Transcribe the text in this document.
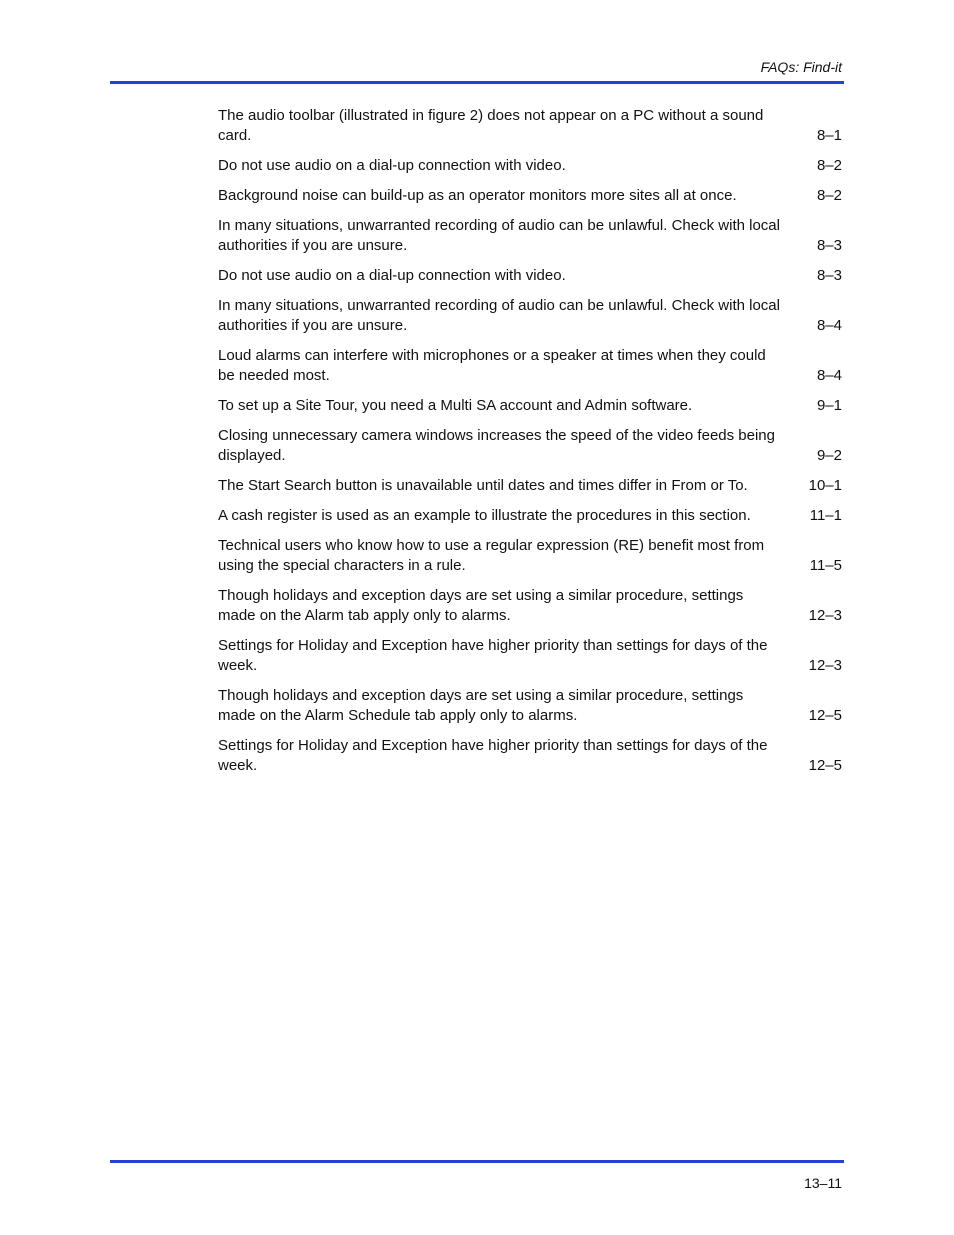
FAQs: Find-it
The audio toolbar (illustrated in figure 2) does not appear on a PC without a sound card.	8–1
Do not use audio on a dial-up connection with video.	8–2
Background noise can build-up as an operator monitors more sites all at once.	8–2
In many situations, unwarranted recording of audio can be unlawful. Check with local authorities if you are unsure.	8–3
Do not use audio on a dial-up connection with video.	8–3
In many situations, unwarranted recording of audio can be unlawful. Check with local authorities if you are unsure.	8–4
Loud alarms can interfere with microphones or a speaker at times when they could be needed most.	8–4
To set up a Site Tour, you need a Multi SA account and Admin software.	9–1
Closing unnecessary camera windows increases the speed of the video feeds being displayed.	9–2
The Start Search button is unavailable until dates and times differ in From or To.	10–1
A cash register is used as an example to illustrate the procedures in this section.	11–1
Technical users who know how to use a regular expression (RE) benefit most from using the special characters in a rule.	11–5
Though holidays and exception days are set using a similar procedure, settings made on the Alarm tab apply only to alarms.	12–3
Settings for Holiday and Exception have higher priority than settings for days of the week.	12–3
Though holidays and exception days are set using a similar procedure, settings made on the Alarm Schedule tab apply only to alarms.	12–5
Settings for Holiday and Exception have higher priority than settings for days of the week.	12–5
13–11
